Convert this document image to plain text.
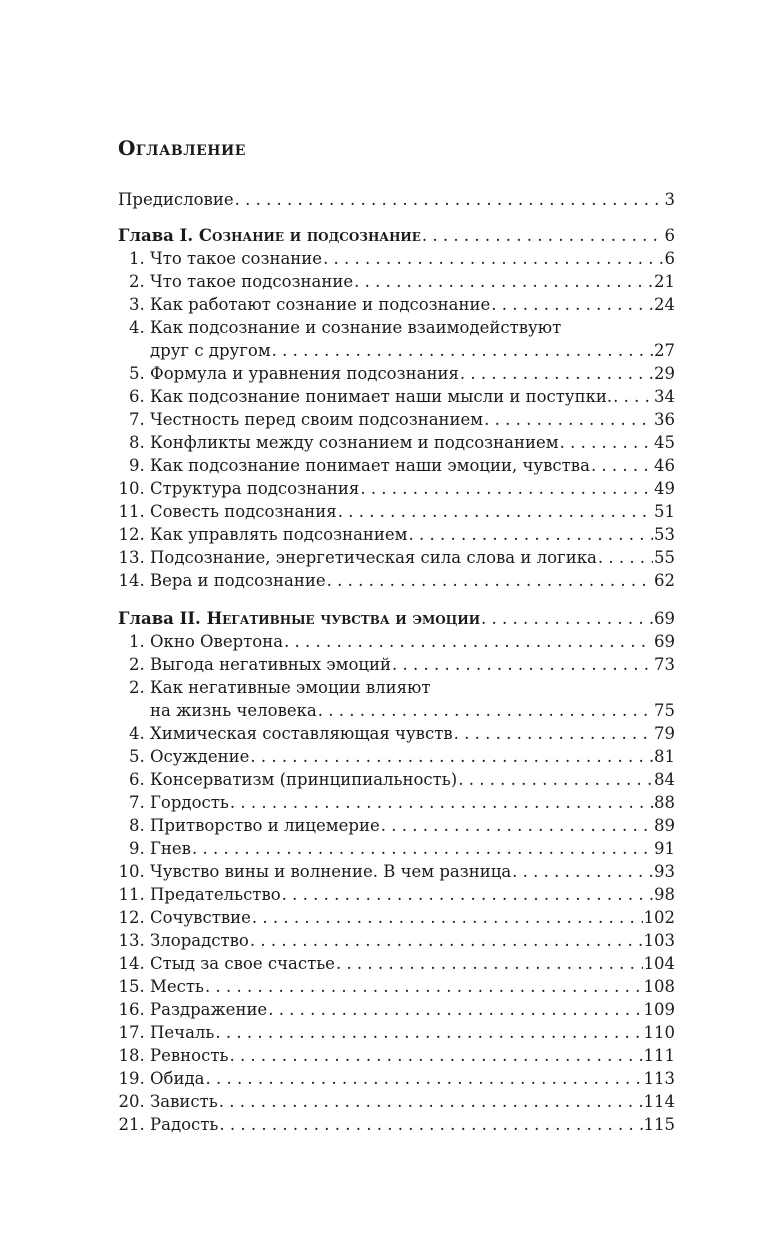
Оглавление
Предисловие . . .	3
Глава I. Сознание и подсознание . . .	6
1. Что такое сознание . . .	6
2. Что такое подсознание . . .	21
3. Как работают сознание и подсознание . . .	24
4. Как подсознание и сознание взаимодействуют
друг с другом . . .	27
5. Формула и уравнения подсознания . . .	29
6. Как подсознание понимает наши мысли и поступки. . . .	34
7. Честность перед своим подсознанием . . .	36
8. Конфликты между сознанием и подсознанием . . .	45
9. Как подсознание понимает наши эмоции, чувства . . .	46
10. Структура подсознания . . .	49
11. Совесть подсознания . . .	51
12. Как управлять подсознанием . . .	53
13. Подсознание, энергетическая сила слова и логика . . .	55
14. Вера и подсознание . . .	62
Глава II. Негативные чувства и эмоции . . .	69
1. Окно Овертона . . .	69
2. Выгода негативных эмоций . . .	73
2. Как негативные эмоции влияют
на жизнь человека . . .	75
4. Химическая составляющая чувств . . .	79
5. Осуждение . . .	81
6. Консерватизм (принципиальность) . . .	84
7. Гордость . . .	88
8. Притворство и лицемерие . . .	89
9. Гнев . . .	91
10. Чувство вины и волнение. В чем разница . . .	93
11. Предательство . . .	98
12. Сочувствие . . .	102
13. Злорадство . . .	103
14. Стыд за свое счастье . . .	104
15. Месть . . .	108
16. Раздражение . . .	109
17. Печаль . . .	110
18. Ревность . . .	111
19. Обида . . .	113
20. Зависть . . .	114
21. Радость . . .	115
